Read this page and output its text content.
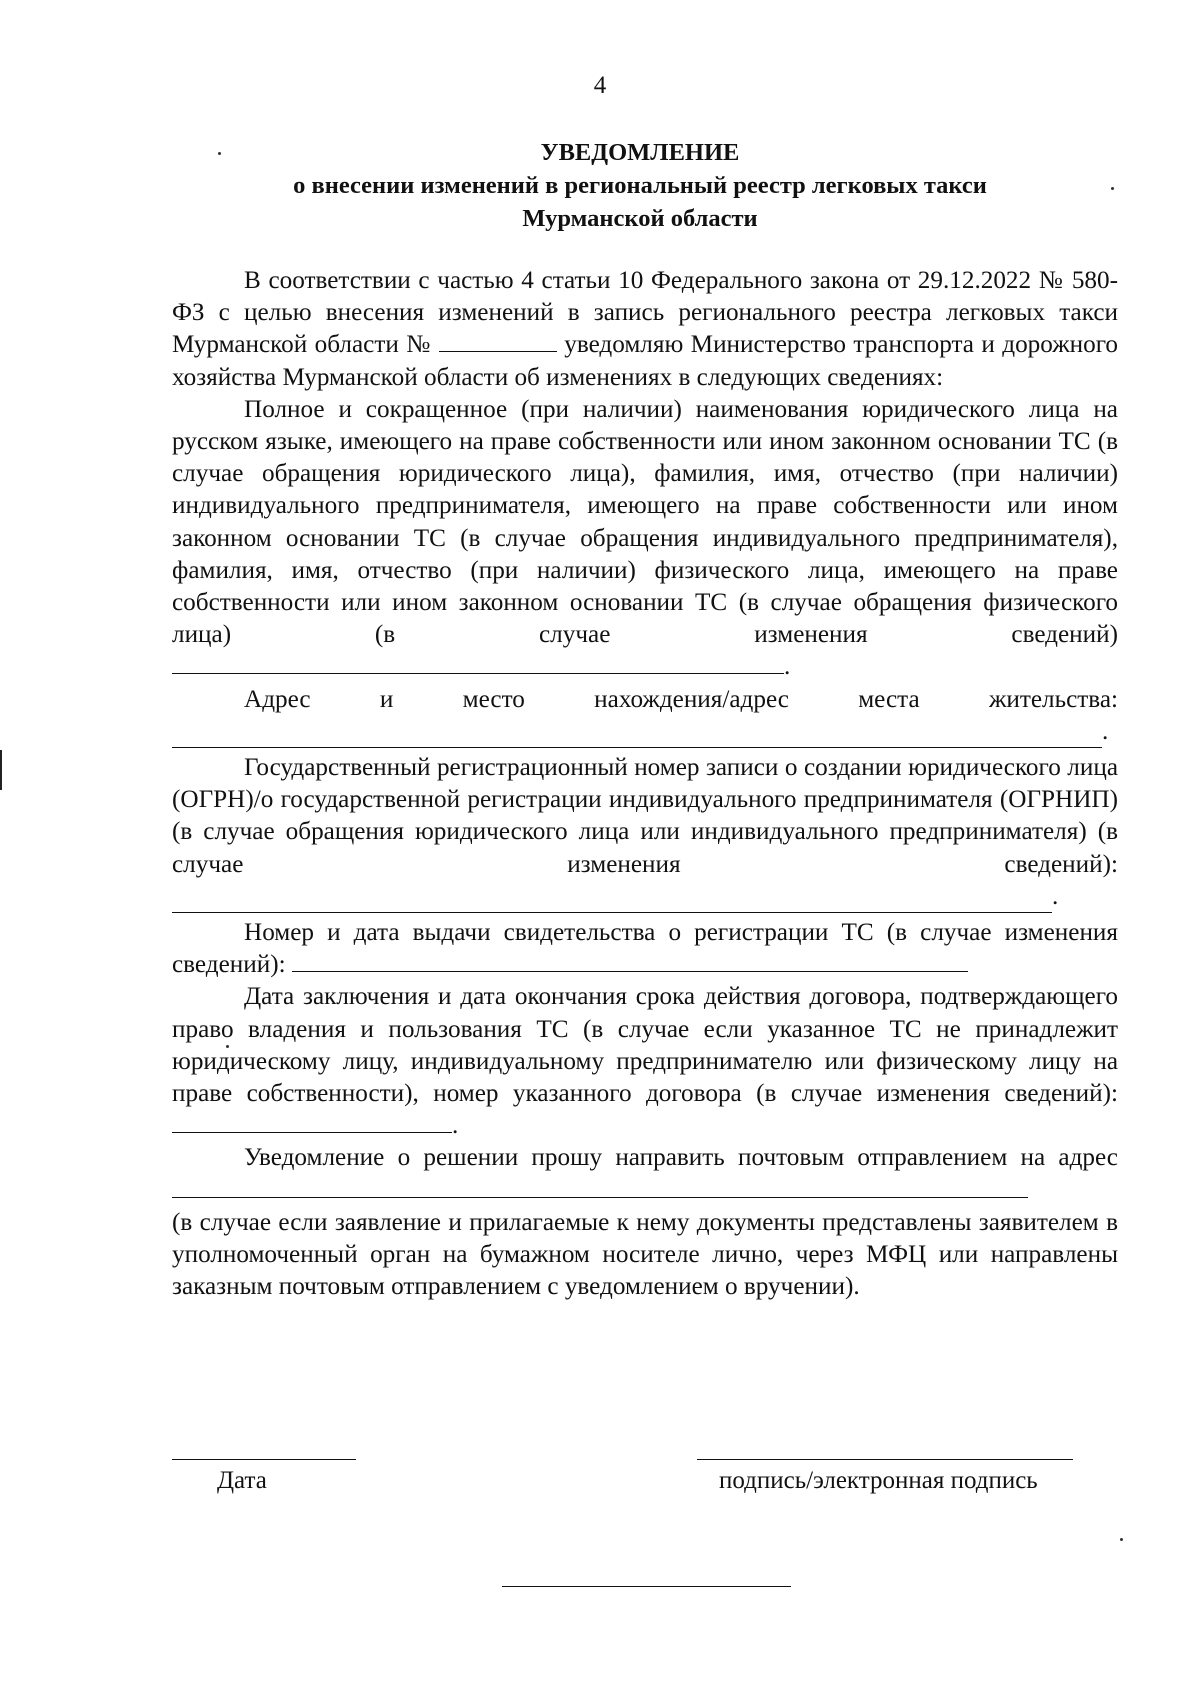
4
УВЕДОМЛЕНИЕ
о внесении изменений в региональный реестр легковых такси
Мурманской области

В соответствии с частью 4 статьи 10 Федерального закона от 29.12.2022 № 580-ФЗ с целью внесения изменений в запись регионального реестра легковых такси Мурманской области №	уведомляю Министерство транспорта и дорожного хозяйства Мурманской области об изменениях в следующих сведениях:

Полное и сокращенное (при наличии) наименования юридического лица на русском языке, имеющего на праве собственности или ином законном основании ТС (в случае обращения юридического лица), фамилия, имя, отчество (при наличии) индивидуального предпринимателя, имеющего на праве собственности или ином законном основании ТС (в случае обращения индивидуального предпринимателя), фамилия, имя, отчество (при наличии) физического лица, имеющего на праве собственности или ином законном основании ТС (в случае обращения физического лица) (в случае изменения сведений) .

Адрес и место нахождения/адрес места жительства:

.

Государственный регистрационный номер записи о создании юридического лица (ОГРН)/о государственной регистрации индивидуального предпринимателя (ОГРНИП) (в случае обращения юридического лица или индивидуального предпринимателя) (в случае изменения сведений):

.

Номер и дата выдачи свидетельства о регистрации ТС (в случае изменения сведений):

Дата заключения и дата окончания срока действия договора, подтверждающего право владения и пользования ТС (в случае если указанное ТС не принадлежит юридическому лицу, индивидуальному предпринимателю или физическому лицу на праве собственности), номер указанного договора (в случае изменения сведений): .

Уведомление о решении прошу направить почтовым отправлением на адрес

(в случае если заявление и прилагаемые к нему документы представлены заявителем в уполномоченный орган на бумажном носителе лично, через МФЦ или направлены заказным почтовым отправлением с уведомлением о вручении).

Дата	подпись/электронная подпись
